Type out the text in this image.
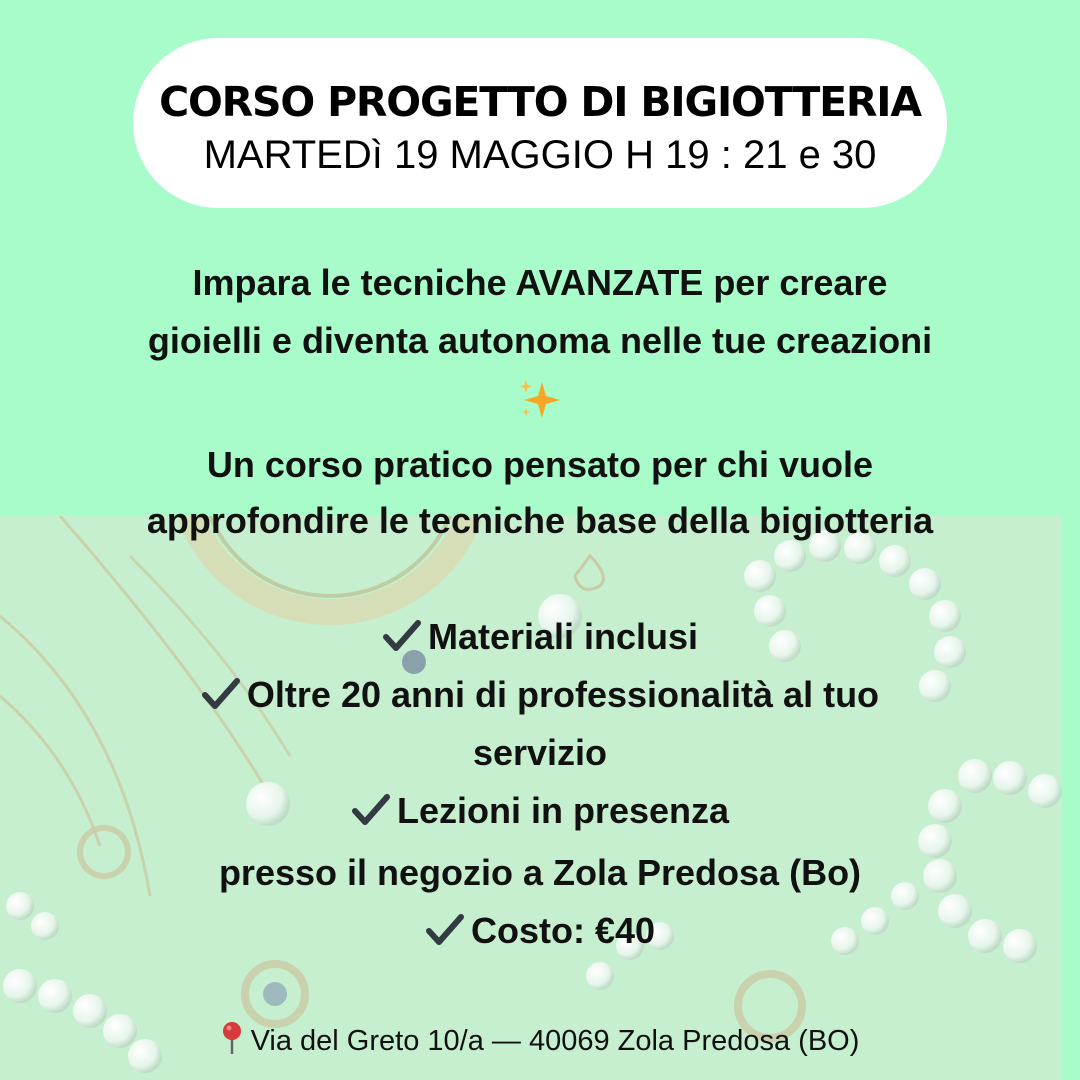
CORSO PROGETTO DI BIGIOTTERIA
MARTEDì 19 MAGGIO H 19 : 21 e 30
Impara le tecniche AVANZATE per creare
gioielli e diventa autonoma nelle tue creazioni
Un corso pratico pensato per chi vuole
approfondire le tecniche base della bigiotteria
Materiali inclusi
Oltre 20 anni di professionalità al tuo
servizio
Lezioni in presenza
presso il negozio a Zola Predosa (Bo)
Costo: €40
Via del Greto 10/a — 40069 Zola Predosa (BO)
